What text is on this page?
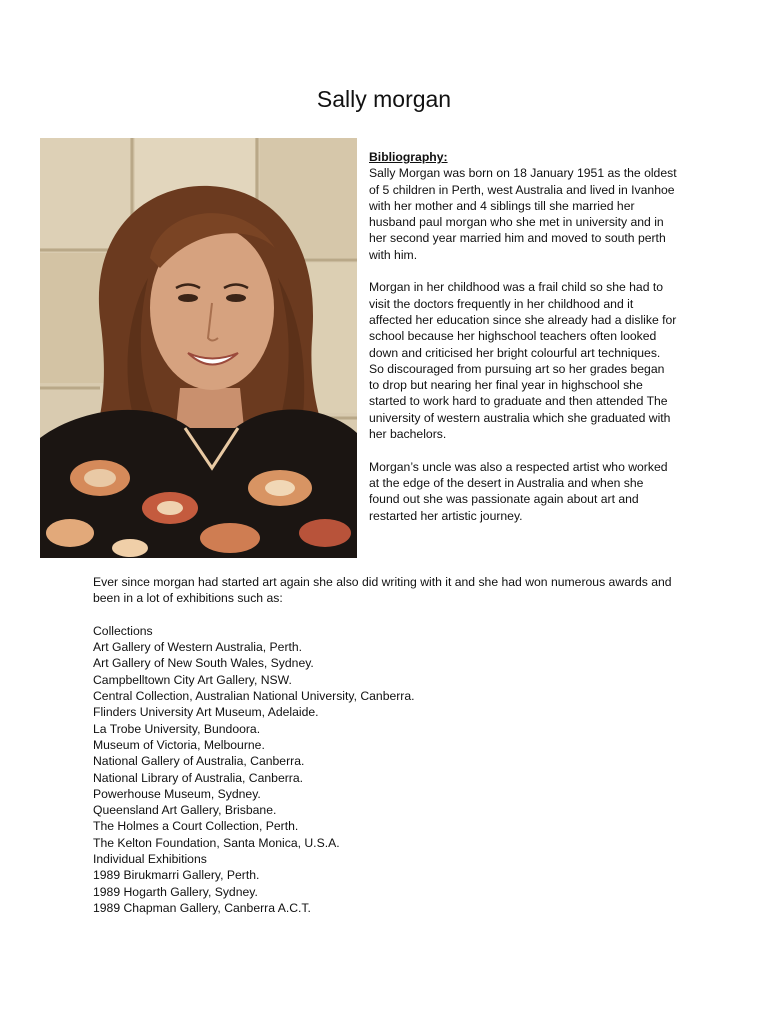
Sally morgan
Bibliography:

Sally Morgan was born on 18 January 1951 as the oldest of 5 children in Perth, west Australia and lived in Ivanhoe with her mother and 4 siblings till she married her husband paul morgan who she met in university and in her second year married him and moved to south perth with him.

Morgan in her childhood was a frail child so she had to visit the doctors frequently in her childhood and it affected her education since she already had a dislike for school because her highschool teachers often looked down and criticised her bright colourful art techniques. So discouraged from pursuing art so her grades began to drop but nearing her final year in highschool she started to work hard to graduate and then attended The university of western australia which she graduated with her bachelors.

Morgan’s uncle was also a respected artist who worked at the edge of the desert in Australia and when she found out she was passionate again about art and restarted her artistic journey.

Ever since morgan had started art again she also did writing with it and she had won numerous awards and been in a lot of exhibitions such as:

Collections
Art Gallery of Western Australia, Perth.
Art Gallery of New South Wales, Sydney.
Campbelltown City Art Gallery, NSW.
Central Collection, Australian National University, Canberra.
Flinders University Art Museum, Adelaide.
La Trobe University, Bundoora.
Museum of Victoria, Melbourne.
National Gallery of Australia, Canberra.
National Library of Australia, Canberra.
Powerhouse Museum, Sydney.
Queensland Art Gallery, Brisbane.
The Holmes a Court Collection, Perth.
The Kelton Foundation, Santa Monica, U.S.A.
Individual Exhibitions
1989 Birukmarri Gallery, Perth.
1989 Hogarth Gallery, Sydney.
1989 Chapman Gallery, Canberra A.C.T.
